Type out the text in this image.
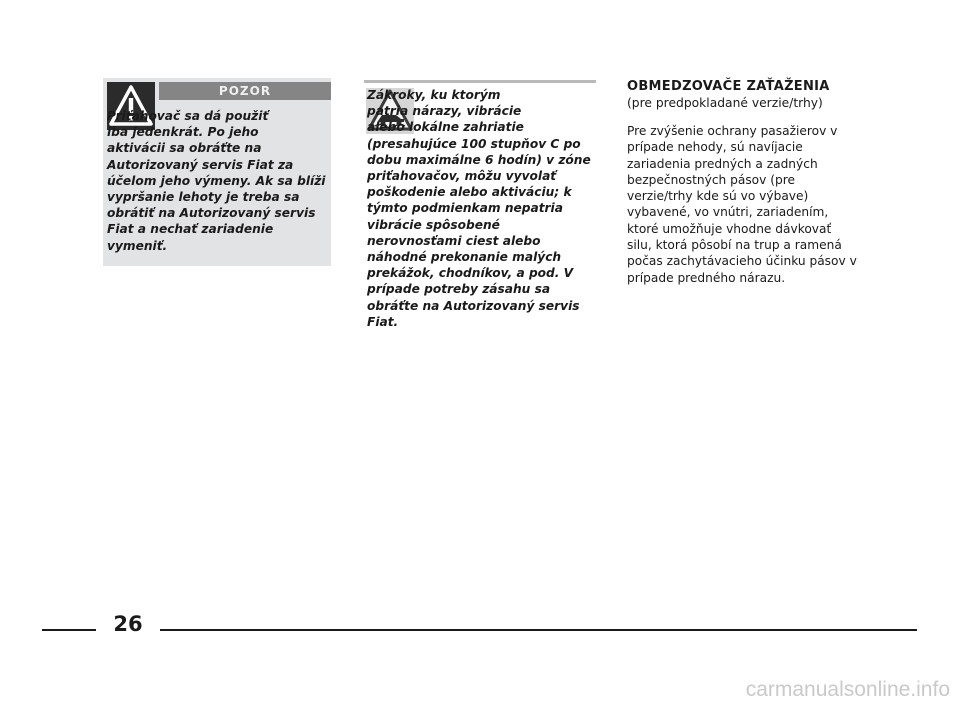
POZOR
Priťahovač sa dá použiť
iba jedenkrát. Po jeho
aktivácii sa obráťte na
Autorizovaný servis Fiat za
účelom jeho výmeny. Ak sa blíži
vypršanie lehoty je treba sa
obrátiť na Autorizovaný servis
Fiat a nechať zariadenie
vymeniť.
Zákroky, ku ktorým
patria nárazy, vibrácie
alebo lokálne zahriatie
(presahujúce 100 stupňov C po
dobu maximálne 6 hodín) v zóne
priťahovačov, môžu vyvolať
poškodenie alebo aktiváciu; k
týmto podmienkam nepatria
vibrácie spôsobené
nerovnosťami ciest alebo
náhodné prekonanie malých
prekážok, chodníkov, a pod. V
prípade potreby zásahu sa
obráťte na Autorizovaný servis
Fiat.
OBMEDZOVAČE ZAŤAŽENIA
(pre predpokladané verzie/trhy)
Pre zvýšenie ochrany pasažierov v
prípade nehody, sú navíjacie
zariadenia predných a zadných
bezpečnostných pásov (pre
verzie/trhy kde sú vo výbave)
vybavené, vo vnútri, zariadením,
ktoré umožňuje vhodne dávkovať
silu, ktorá pôsobí na trup a ramená
počas zachytávacieho účinku pásov v
prípade predného nárazu.
26
carmanualsonline.info
